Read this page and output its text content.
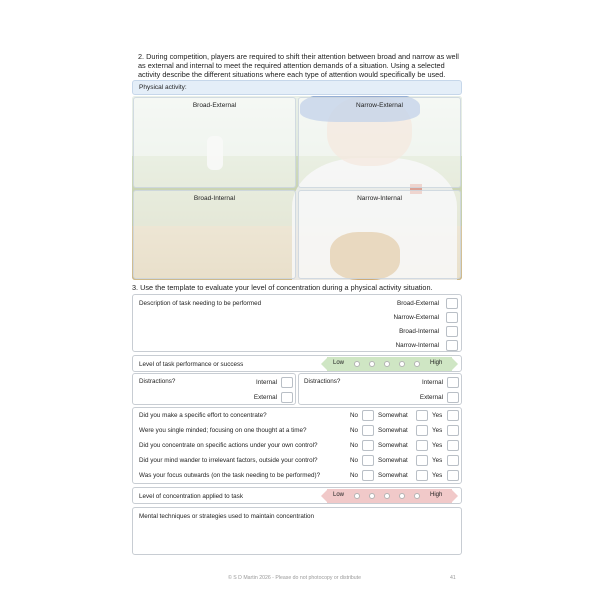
2. During competition, players are required to shift their attention between broad and narrow as well as external and internal to meet the required attention demands of a situation. Using a selected activity describe the different situations where each type of attention would specifically be used.
Physical activity:
Broad-External	Narrow-External
Broad-Internal	Narrow-Internal
3. Use the template to evaluate your level of concentration during a physical activity situation.
Description of task needing to be performed	Broad-External
Narrow-External
Broad-Internal
Narrow-Internal
Level of task performance or success	Low	High
Distractions?	Internal
External
Distractions?	Internal
External
Did you make a specific effort to concentrate?	No	Somewhat	Yes
Were you single minded; focusing on one thought at a time?	No	Somewhat	Yes
Did you concentrate on specific actions under your own control?	No	Somewhat	Yes
Did your mind wander to irrelevant factors, outside your control?	No	Somewhat	Yes
Was your focus outwards (on the task needing to be performed)?	No	Somewhat	Yes
Level of concentration applied to task	Low	High
Mental techniques or strategies used to maintain concentration
© S D Martin 2026 - Please do not photocopy or distribute	41
